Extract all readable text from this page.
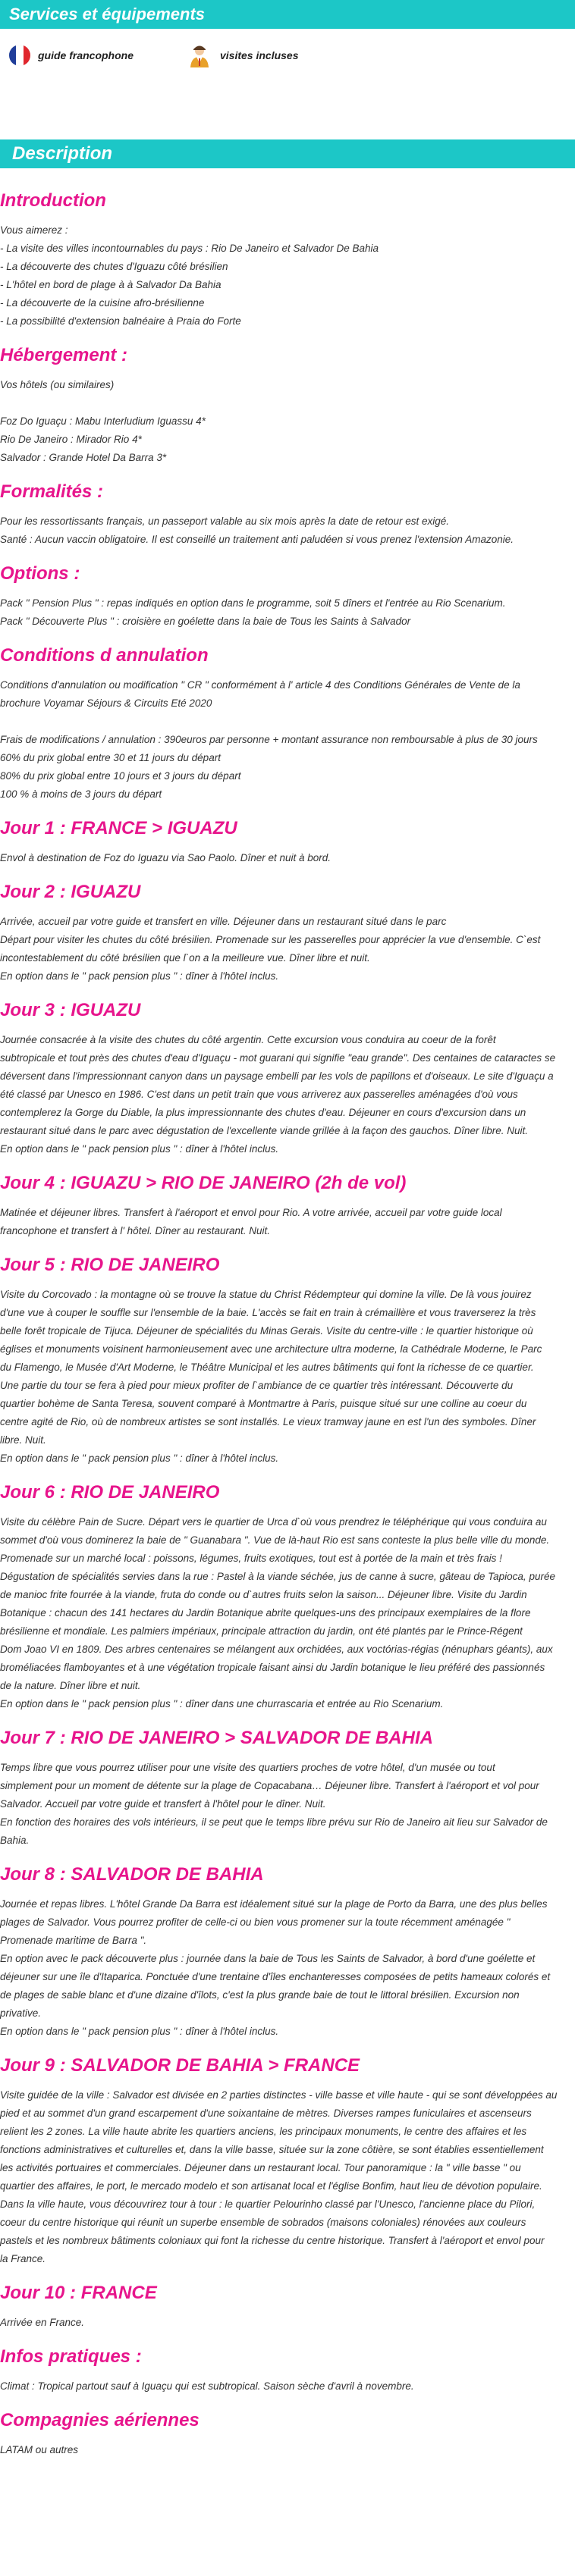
Services et équipements
guide francophone	visites incluses
Description
Introduction
Vous aimerez :
- La visite des villes incontournables du pays : Rio De Janeiro et Salvador De Bahia
- La découverte des chutes d'Iguazu côté brésilien
- L'hôtel en bord de plage à à Salvador Da Bahia
- La découverte de la cuisine afro-brésilienne
- La possibilité d'extension balnéaire à Praia do Forte
Hébergement :
Vos hôtels (ou similaires)
Foz Do Iguaçu : Mabu Interludium Iguassu 4*
Rio De Janeiro : Mirador Rio 4*
Salvador : Grande Hotel Da Barra 3*
Formalités :
Pour les ressortissants français, un passeport valable au six mois après la date de retour est exigé.
Santé : Aucun vaccin obligatoire. Il est conseillé un traitement anti paludéen si vous prenez l'extension Amazonie.
Options :
Pack " Pension Plus " : repas indiqués en option dans le programme, soit 5 dîners et l'entrée au Rio Scenarium.
Pack " Découverte Plus " : croisière en goélette dans la baie de Tous les Saints à Salvador
Conditions d annulation
Conditions d'annulation ou modification " CR " conformément à l' article 4 des Conditions Générales de Vente de la
brochure Voyamar Séjours & Circuits Eté 2020
Frais de modifications / annulation : 390euros par personne + montant assurance non remboursable à plus de 30 jours
60% du prix global entre 30 et 11 jours du départ
80% du prix global entre 10 jours et 3 jours du départ
100 % à moins de 3 jours du départ
Jour 1 : FRANCE > IGUAZU
Envol à destination de Foz do Iguazu via Sao Paolo. Dîner et nuit à bord.
Jour 2 : IGUAZU
Arrivée, accueil par votre guide et transfert en ville. Déjeuner dans un restaurant situé dans le parc
Départ pour visiter les chutes du côté brésilien. Promenade sur les passerelles pour apprécier la vue d'ensemble. C`est
incontestablement du côté brésilien que l`on a la meilleure vue. Dîner libre et nuit.
En option dans le " pack pension plus " : dîner à l'hôtel inclus.
Jour 3 : IGUAZU
Journée consacrée à la visite des chutes du côté argentin. Cette excursion vous conduira au coeur de la forêt
subtropicale et tout près des chutes d'eau d'Iguaçu - mot guarani qui signifie "eau grande". Des centaines de cataractes se
déversent dans l'impressionnant canyon dans un paysage embelli par les vols de papillons et d'oiseaux. Le site d'Iguaçu a
été classé par Unesco en 1986. C'est dans un petit train que vous arriverez aux passerelles aménagées d'où vous
contemplerez la Gorge du Diable, la plus impressionnante des chutes d'eau. Déjeuner en cours d'excursion dans un
restaurant situé dans le parc avec dégustation de l'excellente viande grillée à la façon des gauchos. Dîner libre. Nuit.
En option dans le " pack pension plus " : dîner à l'hôtel inclus.
Jour 4 : IGUAZU > RIO DE JANEIRO (2h de vol)
Matinée et déjeuner libres. Transfert à l'aéroport et envol pour Rio. A votre arrivée, accueil par votre guide local
francophone et transfert à l' hôtel. Dîner au restaurant. Nuit.
Jour 5 : RIO DE JANEIRO
Visite du Corcovado : la montagne où se trouve la statue du Christ Rédempteur qui domine la ville. De là vous jouirez
d'une vue à couper le souffle sur l'ensemble de la baie. L'accès se fait en train à crémaillère et vous traverserez la très
belle forêt tropicale de Tijuca. Déjeuner de spécialités du Minas Gerais. Visite du centre-ville : le quartier historique où
églises et monuments voisinent harmonieusement avec une architecture ultra moderne, la Cathédrale Moderne, le Parc
du Flamengo, le Musée d'Art Moderne, le Théâtre Municipal et les autres bâtiments qui font la richesse de ce quartier.
Une partie du tour se fera à pied pour mieux profiter de l`ambiance de ce quartier très intéressant. Découverte du
quartier bohème de Santa Teresa, souvent comparé à Montmartre à Paris, puisque situé sur une colline au coeur du
centre agité de Rio, où de nombreux artistes se sont installés. Le vieux tramway jaune en est l'un des symboles. Dîner
libre. Nuit.
En option dans le " pack pension plus " : dîner à l'hôtel inclus.
Jour 6 : RIO DE JANEIRO
Visite du célèbre Pain de Sucre. Départ vers le quartier de Urca d`où vous prendrez le téléphérique qui vous conduira au
sommet d'où vous dominerez la baie de " Guanabara ". Vue de là-haut Rio est sans conteste la plus belle ville du monde.
Promenade sur un marché local : poissons, légumes, fruits exotiques, tout est à portée de la main et très frais !
Dégustation de spécialités servies dans la rue : Pastel à la viande séchée, jus de canne à sucre, gâteau de Tapioca, purée
de manioc frite fourrée à la viande, fruta do conde ou d`autres fruits selon la saison... Déjeuner libre. Visite du Jardin
Botanique : chacun des 141 hectares du Jardin Botanique abrite quelques-uns des principaux exemplaires de la flore
brésilienne et mondiale. Les palmiers impériaux, principale attraction du jardin, ont été plantés par le Prince-Régent
Dom Joao VI en 1809. Des arbres centenaires se mélangent aux orchidées, aux voctórias-régias (nénuphars géants), aux
broméliacées flamboyantes et à une végétation tropicale faisant ainsi du Jardin botanique le lieu préféré des passionnés
de la nature. Dîner libre et nuit.
En option dans le " pack pension plus " : dîner dans une churrascaria et entrée au Rio Scenarium.
Jour 7 : RIO DE JANEIRO > SALVADOR DE BAHIA
Temps libre que vous pourrez utiliser pour une visite des quartiers proches de votre hôtel, d'un musée ou tout
simplement pour un moment de détente sur la plage de Copacabana… Déjeuner libre. Transfert à l'aéroport et vol pour
Salvador. Accueil par votre guide et transfert à l'hôtel pour le dîner. Nuit.
En fonction des horaires des vols intérieurs, il se peut que le temps libre prévu sur Rio de Janeiro ait lieu sur Salvador de
Bahia.
Jour 8 : SALVADOR DE BAHIA
Journée et repas libres. L'hôtel Grande Da Barra est idéalement situé sur la plage de Porto da Barra, une des plus belles
plages de Salvador. Vous pourrez profiter de celle-ci ou bien vous promener sur la toute récemment aménagée "
Promenade maritime de Barra ".
En option avec le pack découverte plus : journée dans la baie de Tous les Saints de Salvador, à bord d'une goélette et
déjeuner sur une île d'Itaparica. Ponctuée d'une trentaine d'îles enchanteresses composées de petits hameaux colorés et
de plages de sable blanc et d'une dizaine d'îlots, c'est la plus grande baie de tout le littoral brésilien. Excursion non
privative.
En option dans le " pack pension plus " : dîner à l'hôtel inclus.
Jour 9 : SALVADOR DE BAHIA > FRANCE
Visite guidée de la ville : Salvador est divisée en 2 parties distinctes - ville basse et ville haute - qui se sont développées au
pied et au sommet d'un grand escarpement d'une soixantaine de mètres. Diverses rampes funiculaires et ascenseurs
relient les 2 zones. La ville haute abrite les quartiers anciens, les principaux monuments, le centre des affaires et les
fonctions administratives et culturelles et, dans la ville basse, située sur la zone côtière, se sont établies essentiellement
les activités portuaires et commerciales. Déjeuner dans un restaurant local. Tour panoramique : la " ville basse " ou
quartier des affaires, le port, le mercado modelo et son artisanat local et l'église Bonfim, haut lieu de dévotion populaire.
Dans la ville haute, vous découvrirez tour à tour : le quartier Pelourinho classé par l'Unesco, l'ancienne place du Pilori,
coeur du centre historique qui réunit un superbe ensemble de sobrados (maisons coloniales) rénovées aux couleurs
pastels et les nombreux bâtiments coloniaux qui font la richesse du centre historique. Transfert à l'aéroport et envol pour
la France.
Jour 10 : FRANCE
Arrivée en France.
Infos pratiques :
Climat : Tropical partout sauf à Iguaçu qui est subtropical. Saison sèche d'avril à novembre.
Compagnies aériennes
LATAM ou autres
